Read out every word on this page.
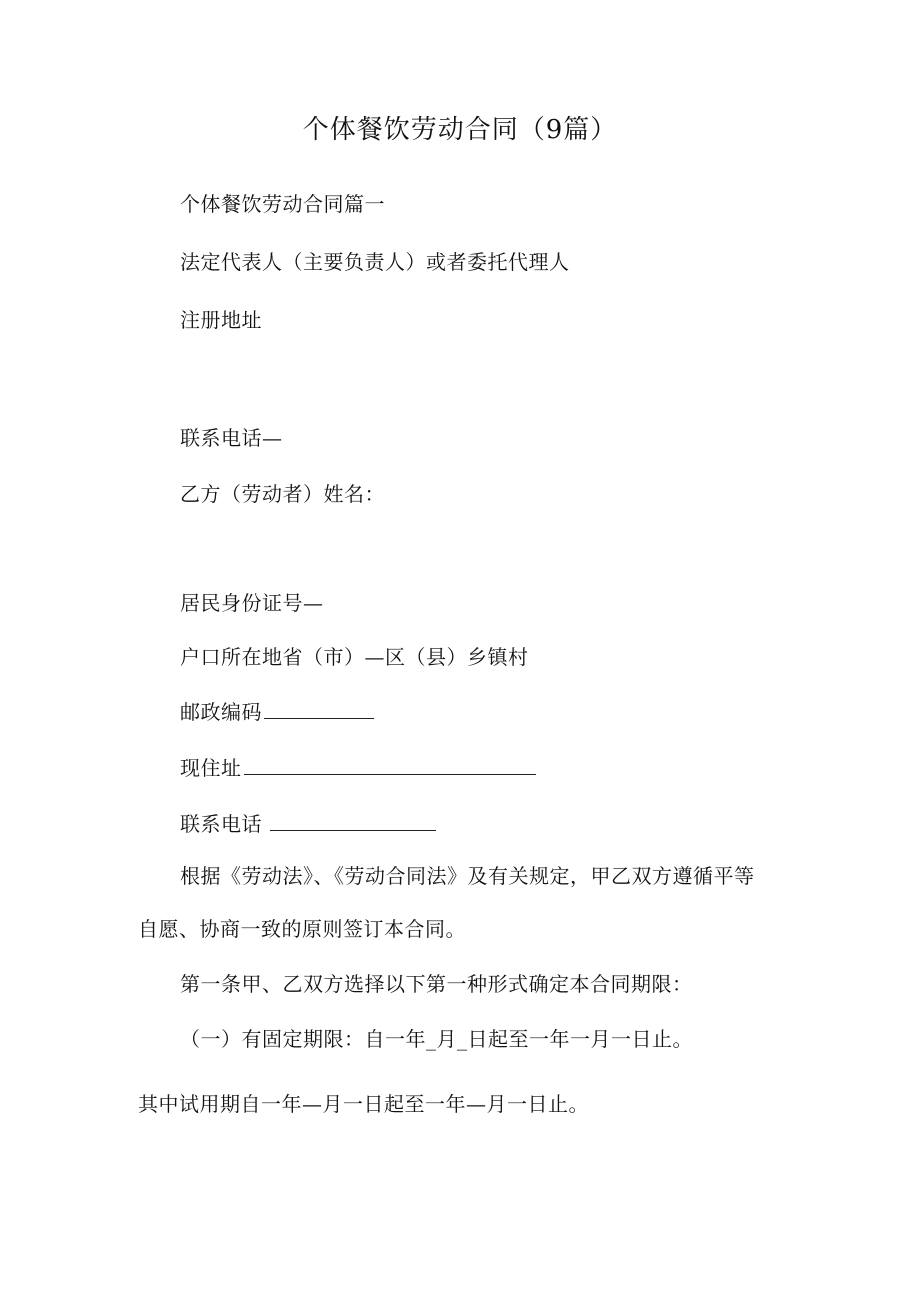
个体餐饮劳动合同（9篇）
个体餐饮劳动合同篇一
法定代表人（主要负责人）或者委托代理人
注册地址
联系电话—
乙方（劳动者）姓名：
居民身份证号—
户口所在地省（市）—区（县）乡镇村
邮政编码
现住址
联系电话
根据《劳动法》、《劳动合同法》及有关规定，甲乙双方遵循平等
自愿、协商一致的原则签订本合同。
第一条甲、乙双方选择以下第一种形式确定本合同期限：
（一）有固定期限：自一年_月_日起至一年一月一日止。
其中试用期自一年—月一日起至一年—月一日止。
